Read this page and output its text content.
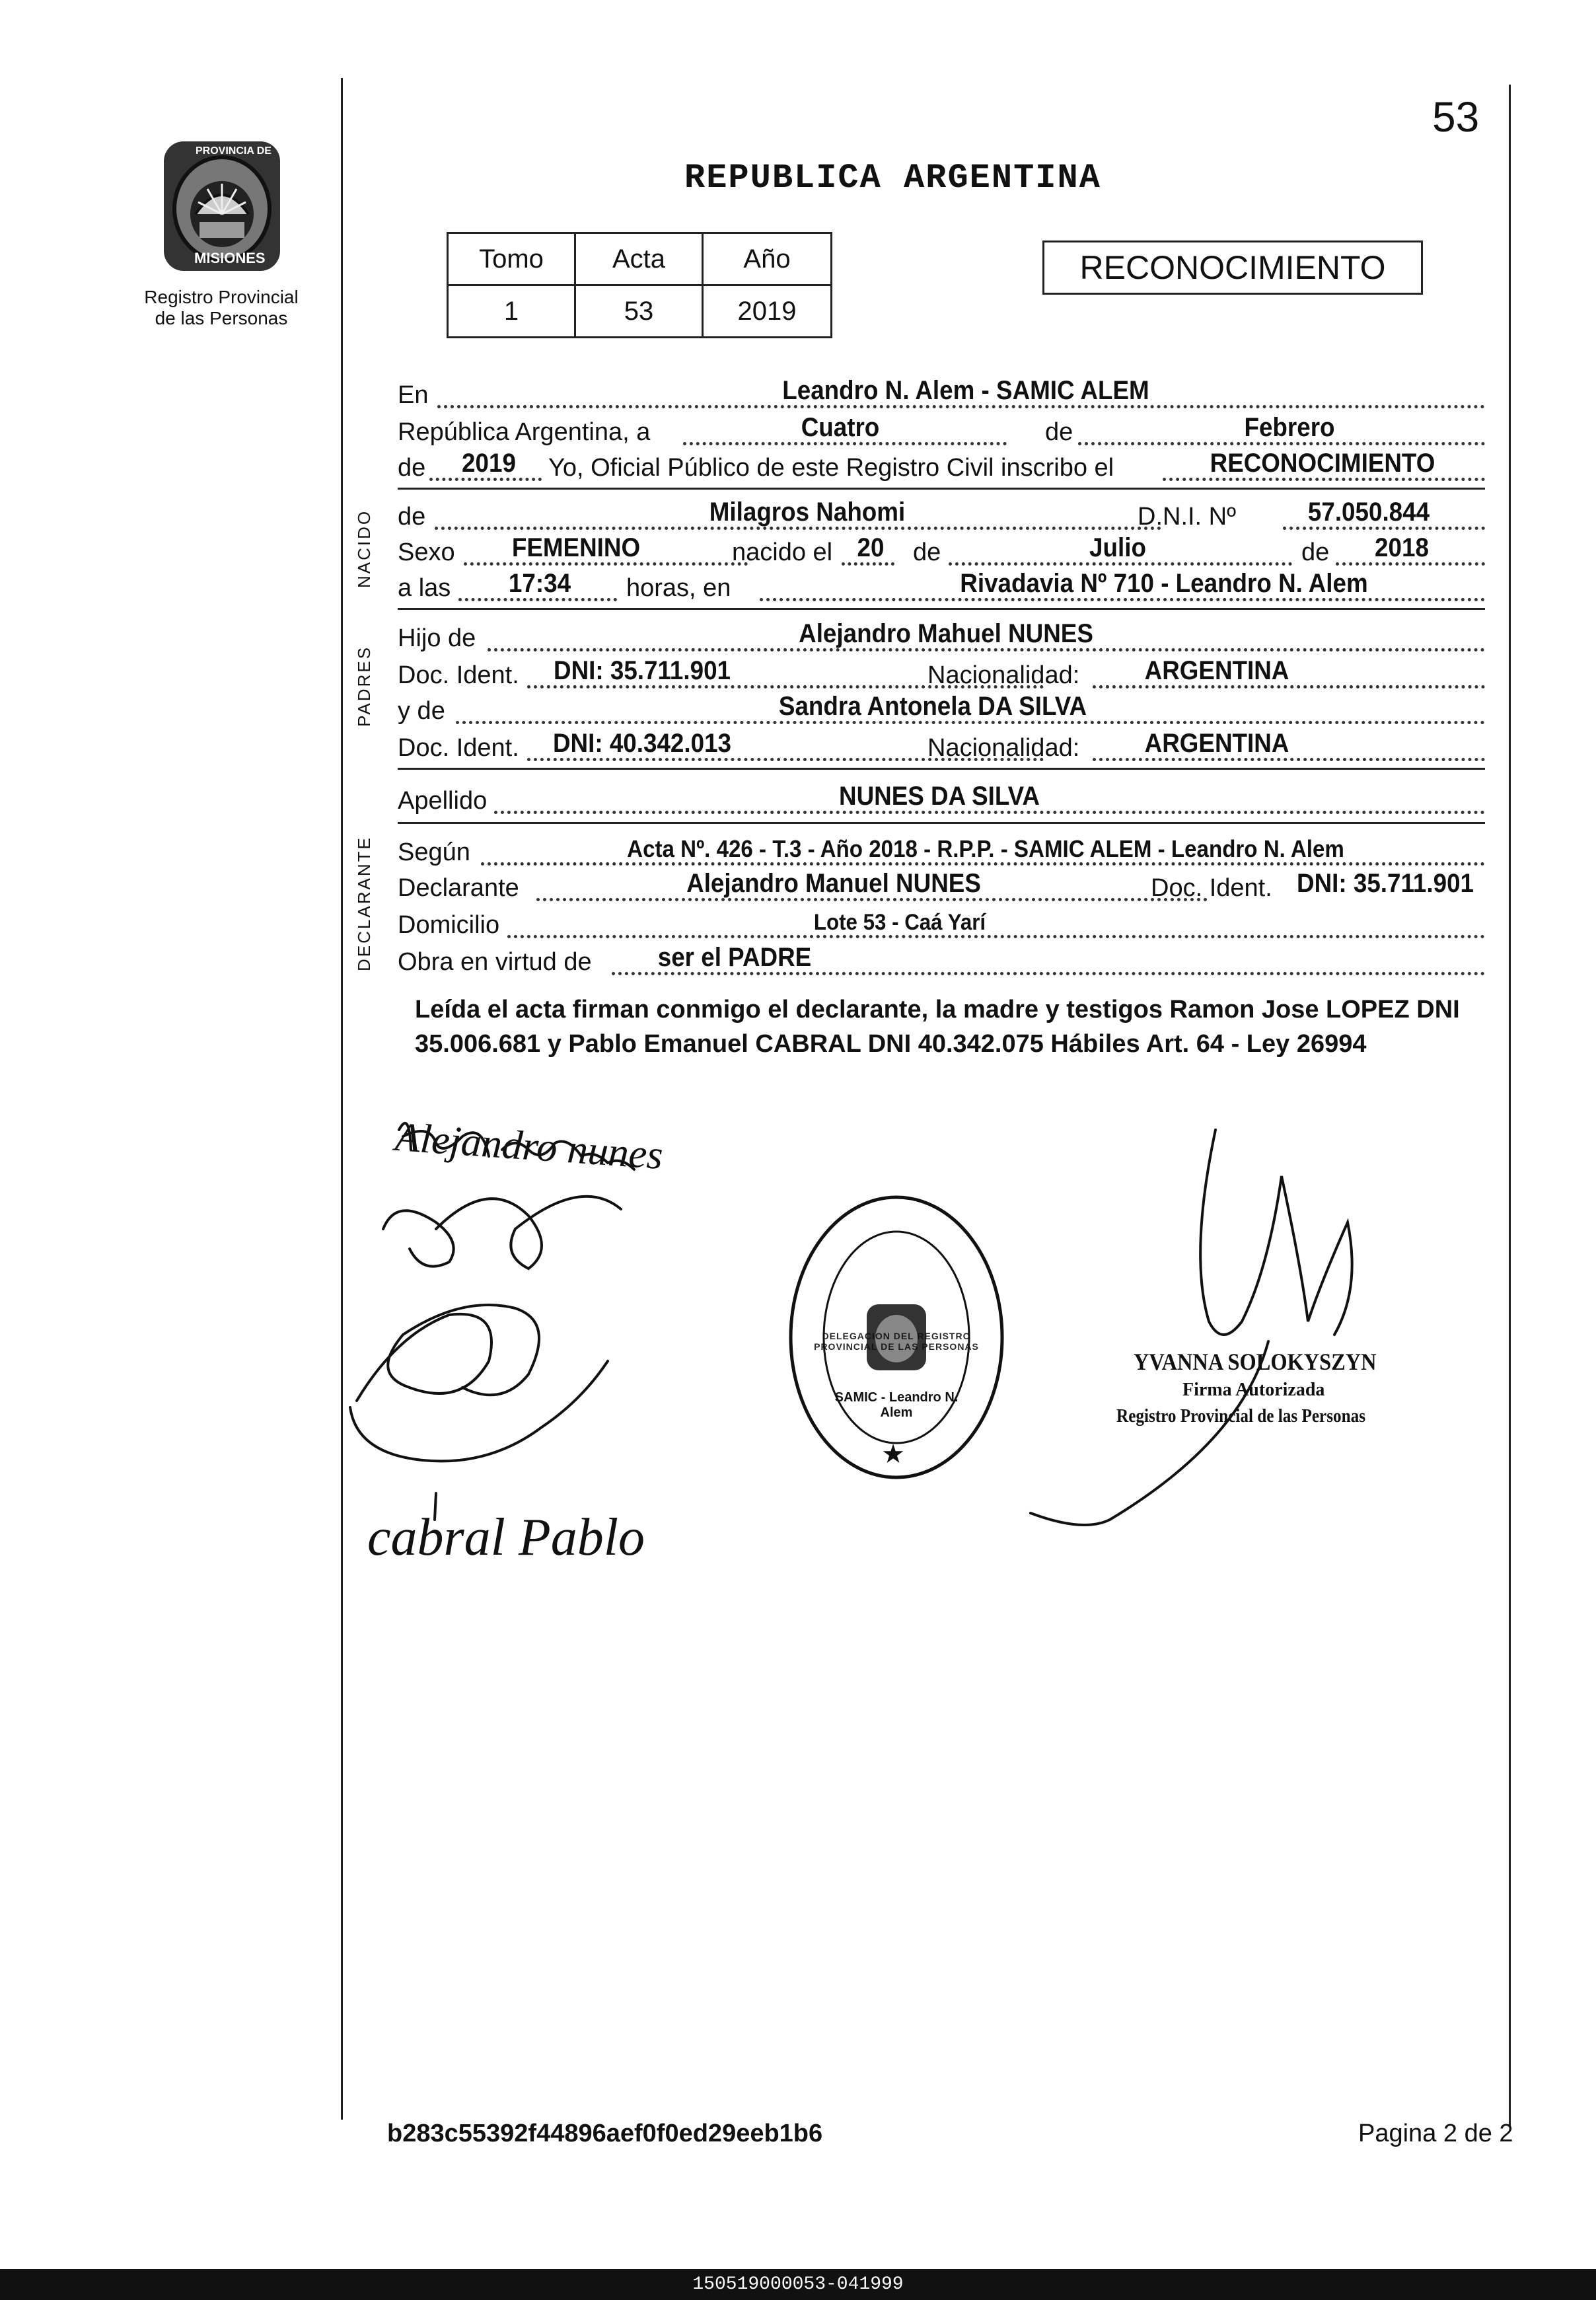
53
PROVINCIA DE
MISIONES
Registro Provincial
de las Personas
REPUBLICA ARGENTINA
Tomo	Acta	Año
1	53	2019
RECONOCIMIENTO
En	Leandro N. Alem - SAMIC ALEM
República Argentina, a	Cuatro	de	Febrero
de	2019	Yo, Oficial Público de este Registro Civil inscribo el	RECONOCIMIENTO
NACIDO de	Milagros Nahomi	D.N.I. Nº	57.050.844
Sexo	FEMENINO	nacido el 20	de	Julio	de	2018
a las	17:34	horas, en	Rivadavia Nº 710 - Leandro N. Alem
PADRES
Hijo de	Alejandro Mahuel NUNES
Doc. Ident.	DNI: 35.711.901	Nacionalidad:	ARGENTINA
y de	Sandra Antonela DA SILVA
Doc. Ident.	DNI: 40.342.013	Nacionalidad:	ARGENTINA
Apellido	NUNES DA SILVA
DECLARANTE Según	Acta Nº. 426 - T.3 - Año 2018 - R.P.P. - SAMIC ALEM - Leandro N. Alem
Declarante	Alejandro Manuel NUNES	Doc. Ident. DNI: 35.711.901
Domicilio	Lote 53 - Caá Yarí
Obra en virtud de	ser el PADRE
Leída el acta firman conmigo el declarante, la madre y testigos Ramon Jose LOPEZ DNI 35.006.681 y Pablo Emanuel CABRAL DNI 40.342.075 Hábiles Art. 64 - Ley 26994
Alejandro nunes
cabral Pablo
★
DELEGACION DEL REGISTRO PROVINCIAL DE LAS PERSONAS
SAMIC - Leandro N. Alem
YVANNA SOLOKYSZYN
Firma Autorizada
Registro Provincial de las Personas
b283c55392f44896aef0f0ed29eeb1b6	Pagina 2 de 2
150519000053-041999
